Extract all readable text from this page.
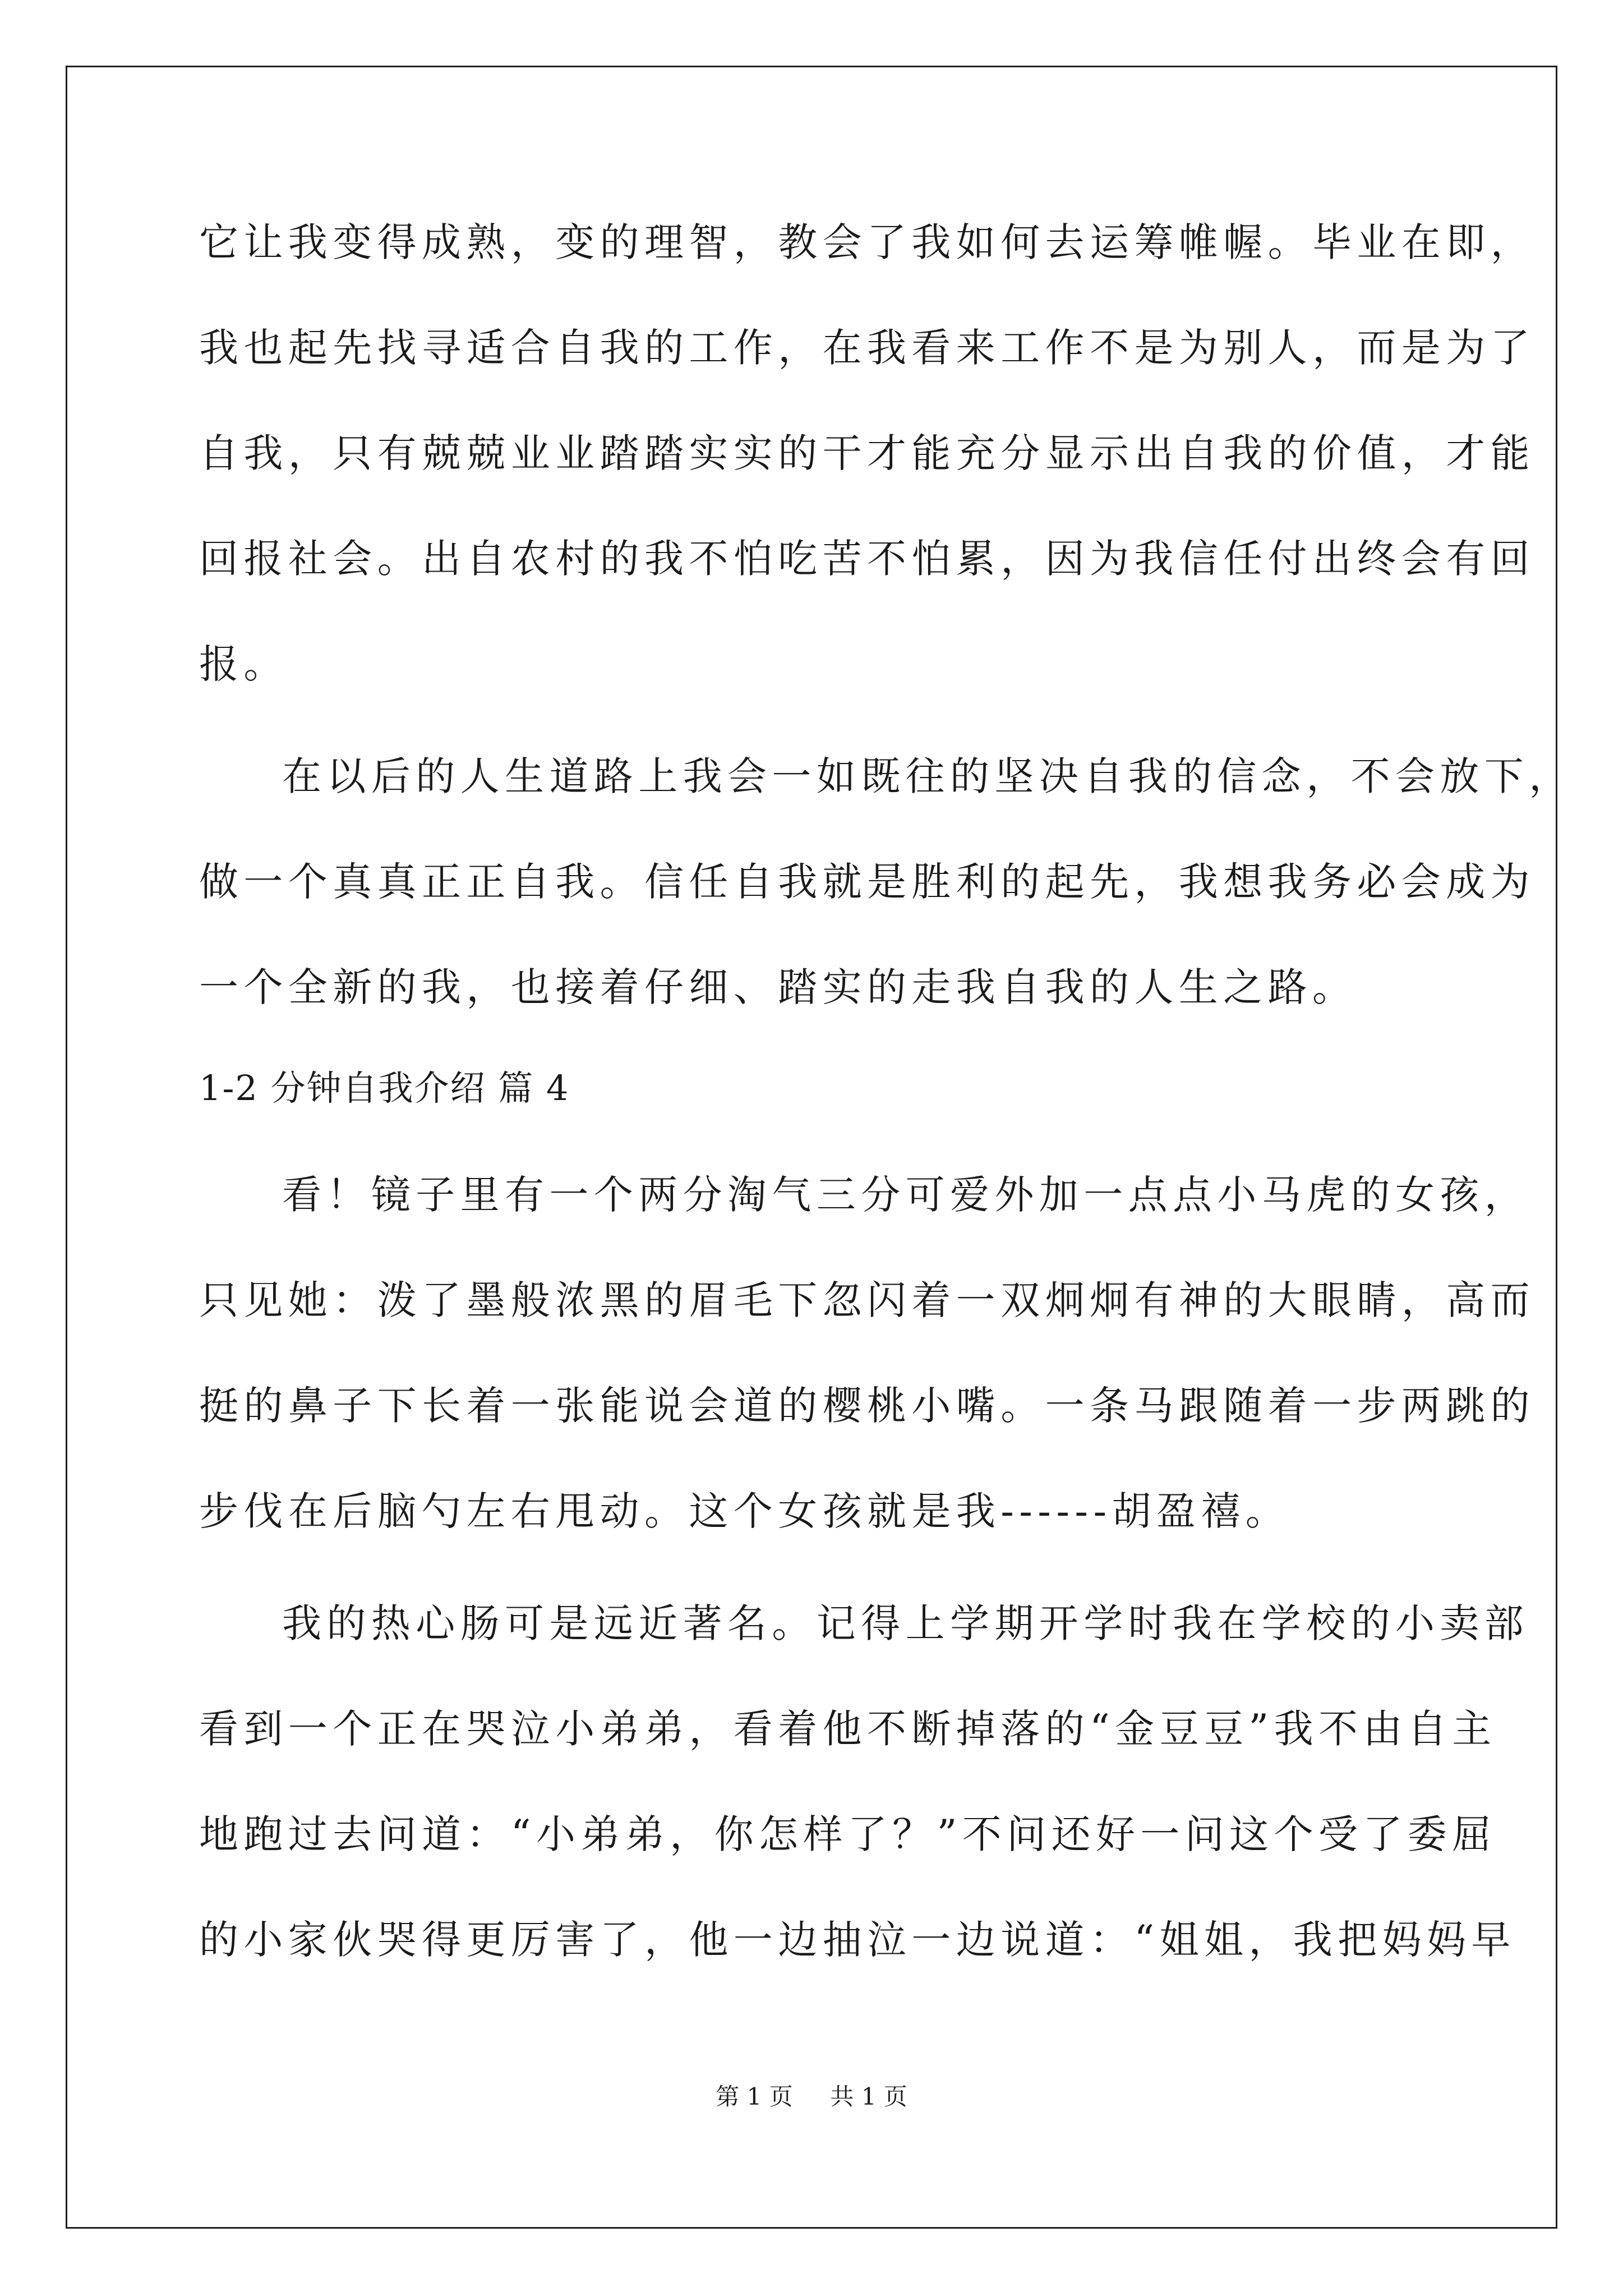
它让我变得成熟，变的理智，教会了我如何去运筹帷幄。毕业在即，
我也起先找寻适合自我的工作，在我看来工作不是为别人，而是为了
自我，只有兢兢业业踏踏实实的干才能充分显示出自我的价值，才能
回报社会。出自农村的我不怕吃苦不怕累，因为我信任付出终会有回
报。
在以后的人生道路上我会一如既往的坚决自我的信念，不会放下，
做一个真真正正自我。信任自我就是胜利的起先，我想我务必会成为
一个全新的我，也接着仔细、踏实的走我自我的人生之路。
1-2 分钟自我介绍 篇 4
看！镜子里有一个两分淘气三分可爱外加一点点小马虎的女孩，
只见她：泼了墨般浓黑的眉毛下忽闪着一双炯炯有神的大眼睛，高而
挺的鼻子下长着一张能说会道的樱桃小嘴。一条马跟随着一步两跳的
步伐在后脑勺左右甩动。这个女孩就是我------胡盈禧。
我的热心肠可是远近著名。记得上学期开学时我在学校的小卖部
看到一个正在哭泣小弟弟，看着他不断掉落的“金豆豆”我不由自主
地跑过去问道：“小弟弟，你怎样了？”不问还好一问这个受了委屈
的小家伙哭得更厉害了，他一边抽泣一边说道：“姐姐，我把妈妈早
第 1 页 共 1 页
